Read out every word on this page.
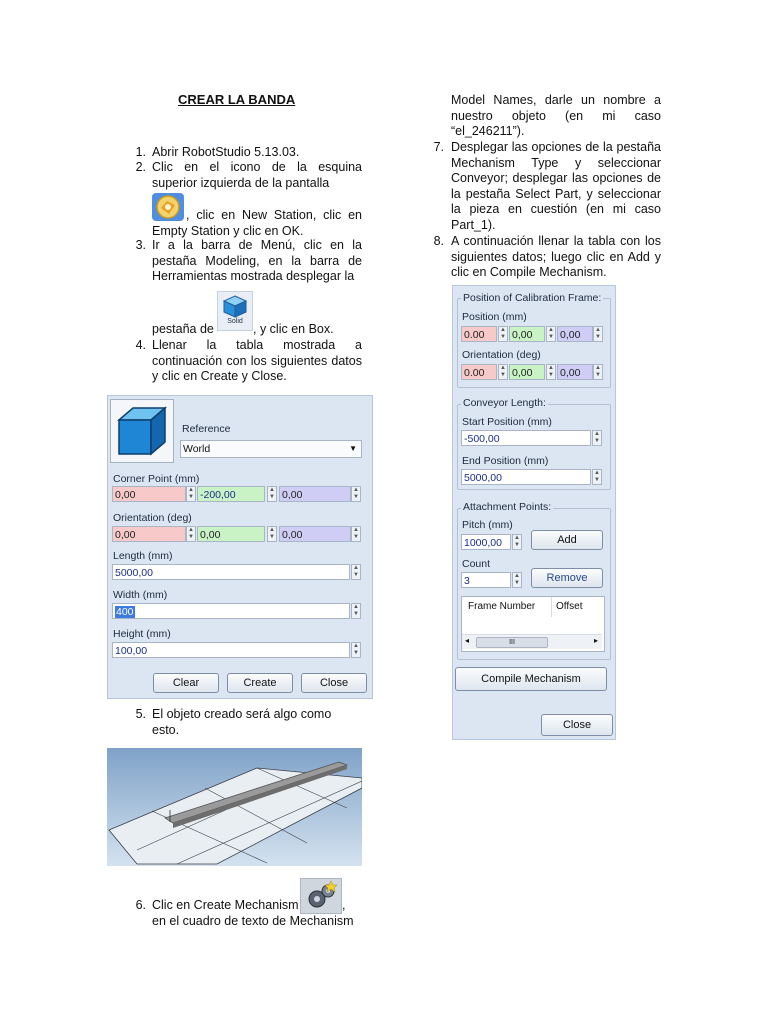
CREAR LA BANDA
1. Abrir RobotStudio 5.13.03.
2. Clic en el icono de la esquina superior izquierda de la pantalla
, clic en New Station, clic en Empty Station y clic en OK.
3. Ir a la barra de Menú, clic en la pestaña Modeling, en la barra de Herramientas mostrada desplegar la
Solid
pestaña de	, y clic en Box.
4. Llenar la tabla mostrada a continuación con los siguientes datos y clic en Create y Close.
Reference
World	▼
Corner Point (mm)
0,00	▲
▼ -200,00	▲
▼ 0,00	▲
▼
Orientation (deg)
0,00	▲
▼ 0,00	▲
▼ 0,00	▲
▼
Length (mm)
5000,00	▲
▼
Width (mm)
400	▲
▼
Height (mm)
100,00	▲
▼
Clear	Create	Close
5. El objeto creado será algo como esto.
6. Clic en Create Mechanism	, en el cuadro de texto de Mechanism
Model Names, darle un nombre a nuestro objeto (en mi caso “el_246211”).
7. Desplegar las opciones de la pestaña Mechanism Type y seleccionar Conveyor; desplegar las opciones de la pestaña Select Part, y seleccionar la pieza en cuestión (en mi caso Part_1).
8. A continuación llenar la tabla con los siguientes datos; luego clic en Add y clic en Compile Mechanism.
Position of Calibration Frame:
Position (mm)
0.00	▲
▼ 0,00	▲
▼ 0,00	▲
▼
Orientation (deg)
0.00	▲
▼ 0,00	▲
▼ 0,00	▲
▼
Conveyor Length:
Start Position (mm)
-500,00	▲
▼
End Position (mm)
5000,00	▲
▼
Attachment Points:
Pitch (mm)
1000,00	▲
▼	Add
Count
3	▲
▼	Remove
Frame Number	Offset
◂	III	▸
Compile Mechanism
Close
